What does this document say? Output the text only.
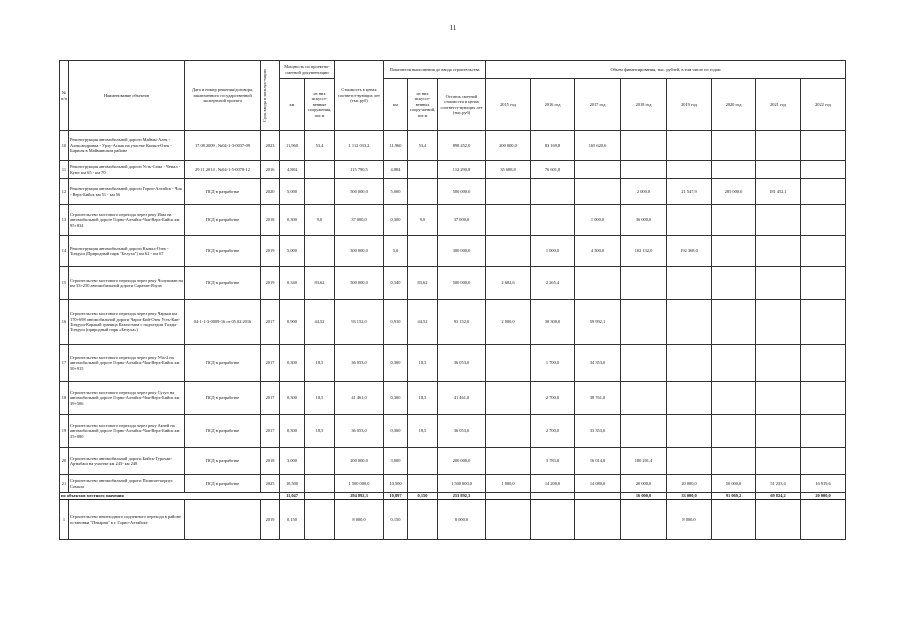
11
№ п/п	Наименование объектов	Дата и номер решения/договора, заключенного государственной экспертизой проекта	Срок ввода в эксплуа-тацию	Мощность по проектно-сметной документации		Стоимость в ценах соответст-вующих лет (тыс.руб)	Показатели выполнения до ввода строительства			Объем финансирования, тыс. рублей, в том числе по годам							
				км	из них искусст-венные сооружения, пог.м		км	из них искусст-венных соору-жений, пог.м	Остаток сметной стоимости в ценах соответст-вующих лет (тыс.руб)	2015 год	2016 год	2017 год	2018 год	2019 год	2020 год	2021 год	2022 год
10	Реконструкция автомобильной дороги Маймы-Алек - Александровка - Урлу-Аспак на участке Кызыл-Озек - Бирюля в Майминском районе	17.08.2009 , №04-1-3-0037-09	2023	11,960	53,4	1 112 033,2	11,960	53,4	898 452,0	200 000,0	83 169,8	165 620,6					
11	Реконструкция автомобильной дороги Усть-Сема - Чемал - Куюс км 65 - км 70	29.11.2014 , №04-1-5-0078-12	2016	4,884		115 790,5	4,884		112 290,8	35 688,8	76 601,8						
12	Реконструкция автомобильной дороги Горно-Алтайск - Чоя - Верх-Бийск км 51 - км 56	ПСД в разработке	2020	5,000		500 000,0	5,000		500 000,0				2 000,0	21 547,9	285 000,0	181 452,1	
13	Строительство мостового перехода через реку Иша на автомобильной дороге Горно-Алтайск-Чоя-Верх-Бийск км 95+834	ПСД в разработке	2018	0,300	9,0	37 000,0	0,300	9,0	37 000,0			1 000,0	36 000,0				
14	Реконструкция автомобильной дороги Кызыл-Озек - Тондуш (Природный парк "Белуха") км 62 - км 67	ПСД в разработке	2019	5,000		300 000,0	5,0		300 000,0		1 000,0	4 500,0	102 132,0	192 368,0			
15	Строительство мостового перехода через реку Чолушман на км 33+250 автомобильной дороги Саратан-Язула	ПСД в разработке	2019	0,340	83,62	500 000,0	0,340	83,62	500 000,0	2 682,6	2 265,4						
16	Строительство мостового перехода через реку Чарыш км 170+698 автомобильной дороги Чарга-Бий-Озек Усть-Кан-Тондуш-Каракай граница Казахстана с подъездом Талды-Тондуш (природный парк «Белуха»)	04-1-1-3-0009-16 от 05.02.2016	2017	0,900	44,52	93 152,0	0,910	44,52	93 152,0	2 000,0	30 300,0	59 992,1					
17	Строительство мостового перехода через реку Уба-2 на автомобильной дороге Горно-Алтайск-Чоя-Верх-Бийск км 50+915	ПСД в разработке	2017	0,300	18,5	36 053,0	0,300	18,5	36 053,0		1 700,0	34 353,0					
18	Строительство мостового перехода через реку Сугул на автомобильной дороге Горно-Алтайск-Чоя-Верх-Бийск км 39+506	ПСД в разработке	2017	0,300	18,5	41 461,0	0,300	18,5	41 461,0		2 700,0	38 761,0					
19	Строительство мостового перехода через реку Акчей на автомобильной дороге Горно-Алтайск-Чоя-Верх-Бийск км 35+080	ПСД в разработке	2017	0,300	18,5	36 053,0	0,300	18,5	36 053,0		2 700,0	33 353,0					
20	Строительство автомобильной дороги Бийск-Турочак-Артыбаш на участке км 243- км 248	ПСД в разработке	2018	3,000		200 000,0	3,000		200 000,0		3 783,8	16 014,8	180 201,4				
21	Строительство автомобильной дороги Полигон-корпус Сомала	ПСД в разработке	2025	10,500		1 500 000,0	10,500		1 500 000,0	1 000,0	14 200,0	14 080,0	20 000,0	20 000,0	50 000,0	51 233,4	16 919,6
по объектам местного значения				11,047		294 892,3	10,897	0,150	253 892,3				16 000,0	33 000,0	91 069,2	69 824,2	20 000,0
1	Строительство пешеходного подземного перехода в районе остановки "Пекарня" в г. Горно-Алтайске		2019	0,150		8 000,0	0,150		8 000,0					8 000,0			
